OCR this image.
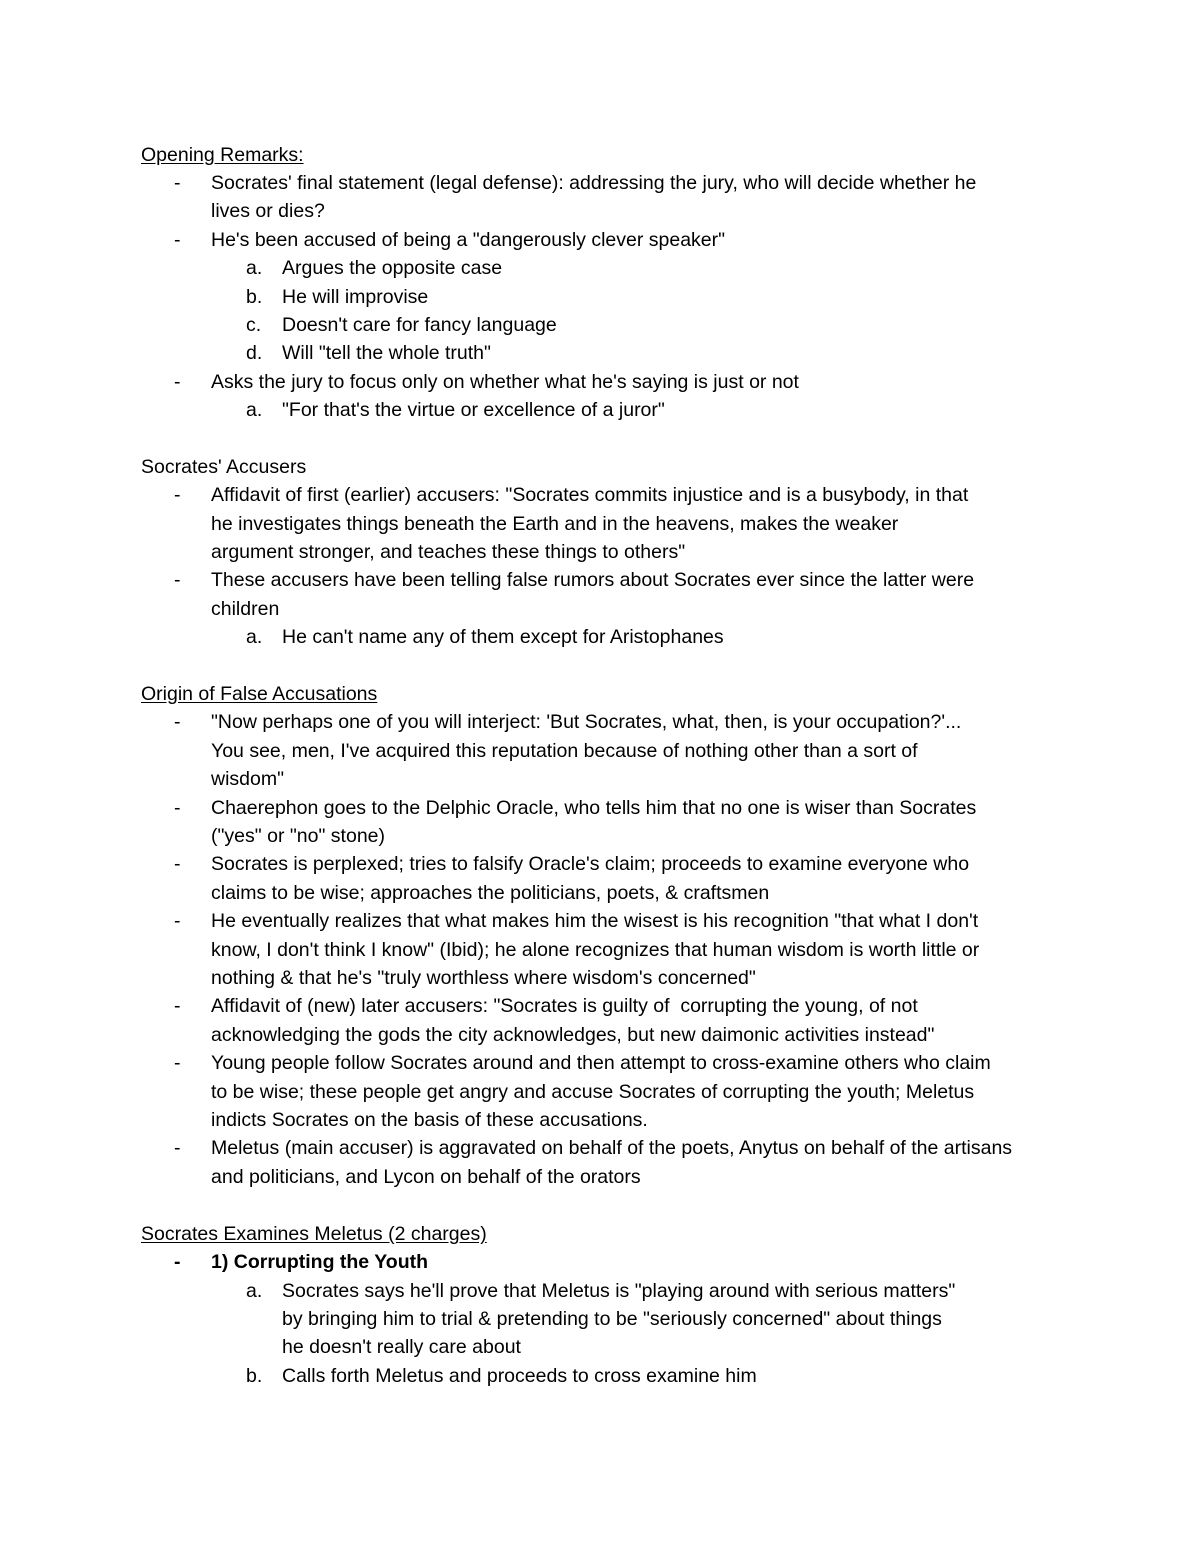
Opening Remarks:
- Socrates' final statement (legal defense): addressing the jury, who will decide whether he
lives or dies?
- He's been accused of being a "dangerously clever speaker"
a. Argues the opposite case
b. He will improvise
c. Doesn't care for fancy language
d. Will "tell the whole truth"
- Asks the jury to focus only on whether what he's saying is just or not
a. "For that's the virtue or excellence of a juror"
Socrates' Accusers
- Affidavit of first (earlier) accusers: "Socrates commits injustice and is a busybody, in that
he investigates things beneath the Earth and in the heavens, makes the weaker
argument stronger, and teaches these things to others"
- These accusers have been telling false rumors about Socrates ever since the latter were
children
a. He can't name any of them except for Aristophanes
Origin of False Accusations
- "Now perhaps one of you will interject: 'But Socrates, what, then, is your occupation?'...
You see, men, I've acquired this reputation because of nothing other than a sort of
wisdom"
- Chaerephon goes to the Delphic Oracle, who tells him that no one is wiser than Socrates
("yes" or "no" stone)
- Socrates is perplexed; tries to falsify Oracle's claim; proceeds to examine everyone who
claims to be wise; approaches the politicians, poets, & craftsmen
- He eventually realizes that what makes him the wisest is his recognition "that what I don't
know, I don't think I know" (Ibid); he alone recognizes that human wisdom is worth little or
nothing & that he's "truly worthless where wisdom's concerned"
- Affidavit of (new) later accusers: "Socrates is guilty of  corrupting the young, of not
acknowledging the gods the city acknowledges, but new daimonic activities instead"
- Young people follow Socrates around and then attempt to cross-examine others who claim
to be wise; these people get angry and accuse Socrates of corrupting the youth; Meletus
indicts Socrates on the basis of these accusations.
- Meletus (main accuser) is aggravated on behalf of the poets, Anytus on behalf of the artisans
and politicians, and Lycon on behalf of the orators
Socrates Examines Meletus (2 charges)
- 1) Corrupting the Youth
a. Socrates says he'll prove that Meletus is "playing around with serious matters"
by bringing him to trial & pretending to be "seriously concerned" about things
he doesn't really care about
b. Calls forth Meletus and proceeds to cross examine him
